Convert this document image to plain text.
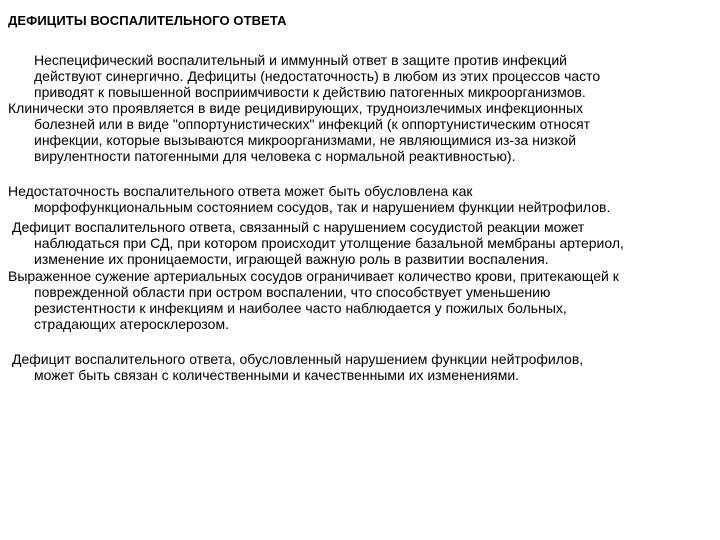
ДЕФИЦИТЫ ВОСПАЛИТЕЛЬНОГО ОТВЕТА
Неспецифический воспалительный и иммунный ответ в защите против инфекций
действуют синергично. Дефициты (недостаточность) в любом из этих процессов часто
приводят к повышенной восприимчивости к действию патогенных микроорганизмов.
Клинически это проявляется в виде рецидивирующих, трудноизлечимых инфекционных
болезней или в виде "оппортунистических" инфекций (к оппортунистическим относят
инфекции, которые вызываются микроорганизмами, не являющимися из-за низкой
вирулентности патогенными для человека с нормальной реактивностью).
Недостаточность воспалительного ответа может быть обусловлена как
морфофункциональным состоянием сосудов, так и нарушением функции нейтрофилов.
Дефицит воспалительного ответа, связанный с нарушением сосудистой реакции может
наблюдаться при СД, при котором происходит утолщение базальной мембраны артериол,
изменение их проницаемости, играющей важную роль в развитии воспаления.
Выраженное сужение артериальных сосудов ограничивает количество крови, притекающей к
поврежденной области при остром воспалении, что способствует уменьшению
резистентности к инфекциям и наиболее часто наблюдается у пожилых больных,
страдающих атеросклерозом.
Дефицит воспалительного ответа, обусловленный нарушением функции нейтрофилов,
может быть связан с количественными и качественными их изменениями.
